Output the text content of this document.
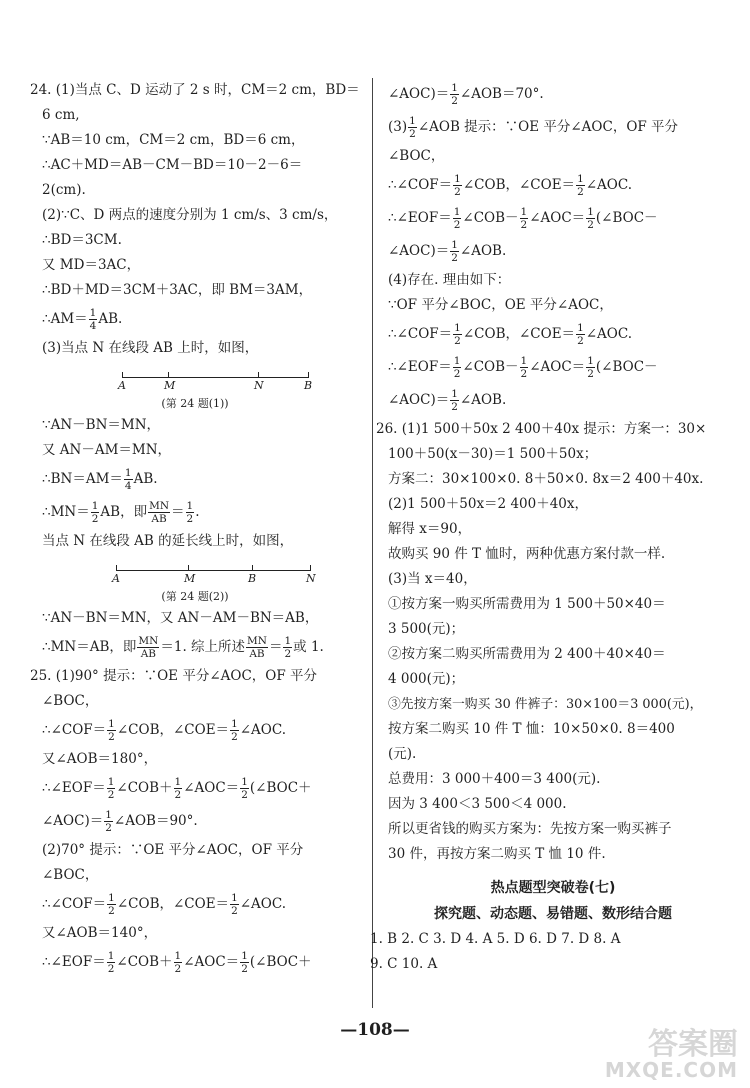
24. (1)当点 C、D 运动了 2 s 时，CM＝2 cm，BD＝
6 cm,
∵AB＝10 cm，CM＝2 cm，BD＝6 cm，
∴AC＋MD＝AB－CM－BD＝10－2－6＝
2(cm).
(2)∵C、D 两点的速度分别为 1 cm/s、3 cm/s，
∴BD＝3CM.
又 MD＝3AC，
∴BD＋MD＝3CM＋3AC，即 BM＝3AM，
∴AM＝ $\frac{1}{4}$ AB.
(3)当点 N 在线段 AB 上时，如图，
A	M	N	B
(第 24 题(1))
∵AN－BN＝MN，
又 AN－AM＝MN，
∴BN＝AM＝ $\frac{1}{4}$ AB.
∴MN＝ $\frac{1}{2}$ AB，即 $\frac{MN}{AB} = \frac{1}{2}$ .
当点 N 在线段 AB 的延长线上时，如图，
A	M	B	N
(第 24 题(2))
∵AN－BN＝MN，又 AN－AM－BN＝AB，
∴MN＝AB，即 $\frac{MN}{AB} =1$. 综上所述 $\frac{MN}{AB} = \frac{1}{2}$ 或 1.
25. (1)90° 提示：∵OE 平分∠AOC，OF 平分
∠BOC，
∴∠COF＝ $\frac{1}{2}$ ∠COB，∠COE＝ $\frac{1}{2}$ ∠AOC.
又∠AOB＝180°，
∴∠EOF＝ $\frac{1}{2}$ ∠COB＋ $\frac{1}{2}$ ∠AOC＝ $\frac{1}{2}$ (∠BOC＋
∠AOC)＝ $\frac{1}{2}$ ∠AOB＝90°.
(2)70° 提示：∵OE 平分∠AOC，OF 平分
∠BOC，
∴∠COF＝ $\frac{1}{2}$ ∠COB，∠COE＝ $\frac{1}{2}$ ∠AOC.
又∠AOB＝140°，
∴∠EOF＝ $\frac{1}{2}$ ∠COB＋ $\frac{1}{2}$ ∠AOC＝ $\frac{1}{2}$ (∠BOC＋
∠AOC)＝ $\frac{1}{2}$ ∠AOB＝70°.
$(3) \frac{1}{2}$ ∠AOB 提示：∵OE 平分∠AOC，OF 平分
∠BOC，
∴∠COF＝ $\frac{1}{2}$ ∠COB，∠COE＝ $\frac{1}{2}$ ∠AOC.
∴∠EOF＝ $\frac{1}{2}$ ∠COB－ $\frac{1}{2}$ ∠AOC＝ $\frac{1}{2}$ (∠BOC－
∠AOC)＝ $\frac{1}{2}$ ∠AOB.
(4)存在. 理由如下：
∵OF 平分∠BOC，OE 平分∠AOC，
∴∠COF＝ $\frac{1}{2}$ ∠COB，∠COE＝ $\frac{1}{2}$ ∠AOC.
∴∠EOF＝ $\frac{1}{2}$ ∠COB－ $\frac{1}{2}$ ∠AOC＝ $\frac{1}{2}$ (∠BOC－
∠AOC)＝ $\frac{1}{2}$ ∠AOB.
26. (1)1 500＋50x 2 400＋40x 提示：方案一：30×
100＋50(x－30)＝1 500＋50x；
方案二：30×100×0. 8＋50×0. 8x＝2 400＋40x.
(2)1 500＋50x＝2 400＋40x，
解得 x＝90，
故购买 90 件 T 恤时，两种优惠方案付款一样.
(3)当 x＝40，
①按方案一购买所需费用为 1 500＋50×40＝
3 500(元)；
②按方案二购买所需费用为 2 400＋40×40＝
4 000(元)；
③先按方案一购买 30 件裤子：30×100＝3 000(元)，
按方案二购买 10 件 T 恤：10×50×0. 8＝400
(元).
总费用：3 000＋400＝3 400(元).
因为 3 400＜3 500＜4 000.
所以更省钱的购买方案为：先按方案一购买裤子
30 件，再按方案二购买 T 恤 10 件.
热点题型突破卷(七)
探究题、动态题、易错题、数形结合题
1. B 2. C 3. D 4. A 5. D 6. D 7. D 8. A
9. C 10. A
—108—	答案圈
MXQE.COM
